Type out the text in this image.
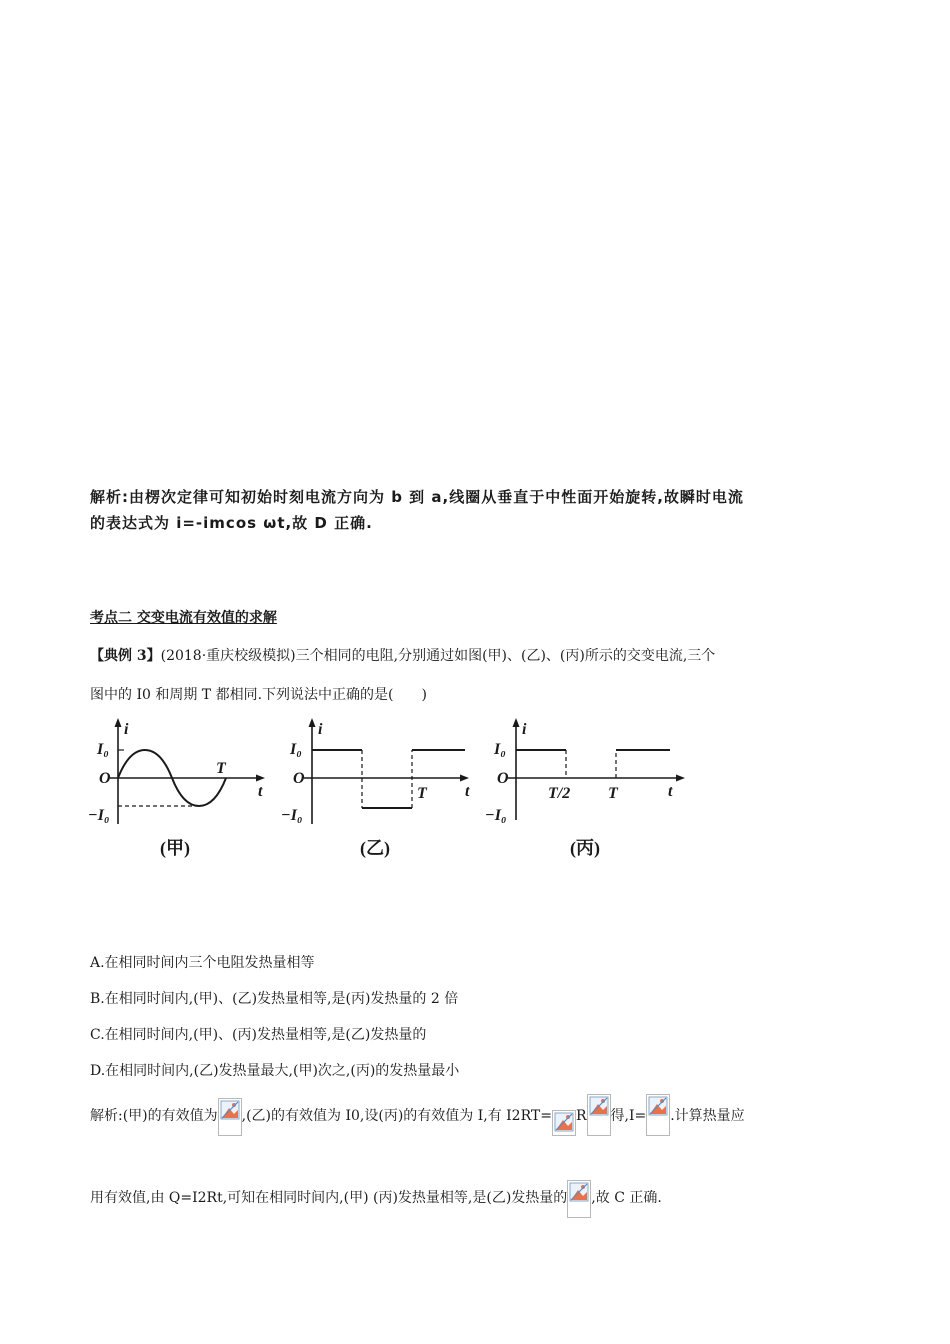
解析:由楞次定律可知初始时刻电流方向为 b 到 a,线圈从垂直于中性面开始旋转,故瞬时电流
的表达式为 i=-imcos ωt,故 D 正确.
考点二 交变电流有效值的求解
【典例 3】(2018·重庆校级模拟)三个相同的电阻,分别通过如图(甲)、(乙)、(丙)所示的交变电流,三个
图中的 I0 和周期 T 都相同.下列说法中正确的是(　　)
i
I₀
O
−I₀
T
t
(甲)
i
I₀
O
−I₀
T t
(乙)
i
I₀
O
−I₀
T/2 T	t
(丙)
A.在相同时间内三个电阻发热量相等
B.在相同时间内,(甲)、(乙)发热量相等,是(丙)发热量的 2 倍
C.在相同时间内,(甲)、(丙)发热量相等,是(乙)发热量的
D.在相同时间内,(乙)发热量最大,(甲)次之,(丙)的发热量最小
解析:(甲)的有效值为 ,(乙)的有效值为 I0,设(丙)的有效值为 I,有 I2RT= R 得,I= .计算热量应
用有效值,由 Q=I2Rt,可知在相同时间内,(甲) (丙)发热量相等,是(乙)发热量的 ,故 C 正确.
